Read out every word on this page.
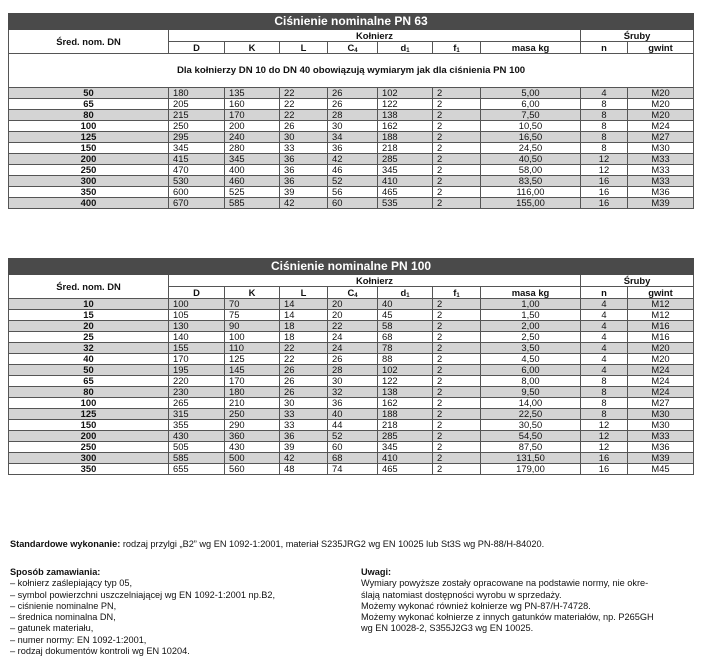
Ciśnienie nominalne PN 63									
Śred. nom. DN	Kołnierz							Śruby	
	D	K	L	$C_4$	$d_1$	$f_1$	masa kg	n	gwint
Dla kołnierzy DN 10 do DN 40 obowiązują wymiarym jak dla ciśnienia PN 100									
50	180	135	22	26	102	2	5,00	4	M20
65	205	160	22	26	122	2	6,00	8	M20
80	215	170	22	28	138	2	7,50	8	M20
100	250	200	26	30	162	2	10,50	8	M24
125	295	240	30	34	188	2	16,50	8	M27
150	345	280	33	36	218	2	24,50	8	M30
200	415	345	36	42	285	2	40,50	12	M33
250	470	400	36	46	345	2	58,00	12	M33
300	530	460	36	52	410	2	83,50	16	M33
350	600	525	39	56	465	2	116,00	16	M36
400	670	585	42	60	535	2	155,00	16	M39
Ciśnienie nominalne PN 100									
Śred. nom. DN	Kołnierz							Śruby	
	D	K	L	$C_4$	$d_1$	$f_1$	masa kg	n	gwint
10	100	70	14	20	40	2	1,00	4	M12
15	105	75	14	20	45	2	1,50	4	M12
20	130	90	18	22	58	2	2,00	4	M16
25	140	100	18	24	68	2	2,50	4	M16
32	155	110	22	24	78	2	3,50	4	M20
40	170	125	22	26	88	2	4,50	4	M20
50	195	145	26	28	102	2	6,00	4	M24
65	220	170	26	30	122	2	8,00	8	M24
80	230	180	26	32	138	2	9,50	8	M24
100	265	210	30	36	162	2	14,00	8	M27
125	315	250	33	40	188	2	22,50	8	M30
150	355	290	33	44	218	2	30,50	12	M30
200	430	360	36	52	285	2	54,50	12	M33
250	505	430	39	60	345	2	87,50	12	M36
300	585	500	42	68	410	2	131,50	16	M39
350	655	560	48	74	465	2	179,00	16	M45
Standardowe wykonanie: rodzaj przylgi „B2” wg EN 1092-1:2001, materiał S235JRG2 wg EN 10025 lub St3S wg PN-88/H-84020.
Sposób zamawiania:
– kołnierz zaślepiający typ 05,
– symbol powierzchni uszczelniającej wg EN 1092-1:2001 np.B2,
– ciśnienie nominalne PN,
– średnica nominalna DN,
– gatunek materiału,
– numer normy: EN 1092-1:2001,
– rodzaj dokumentów kontroli wg EN 10204.
Uwagi:

Wymiary powyższe zostały opracowane na podstawie normy, nie okre-

ślają natomiast dostępności wyrobu w sprzedaży.

Możemy wykonać również kołnierze wg PN-87/H-74728.

Możemy wykonać kołnierze z innych gatunków materiałów, np. P265GH

wg EN 10028-2, S355J2G3 wg EN 10025.
